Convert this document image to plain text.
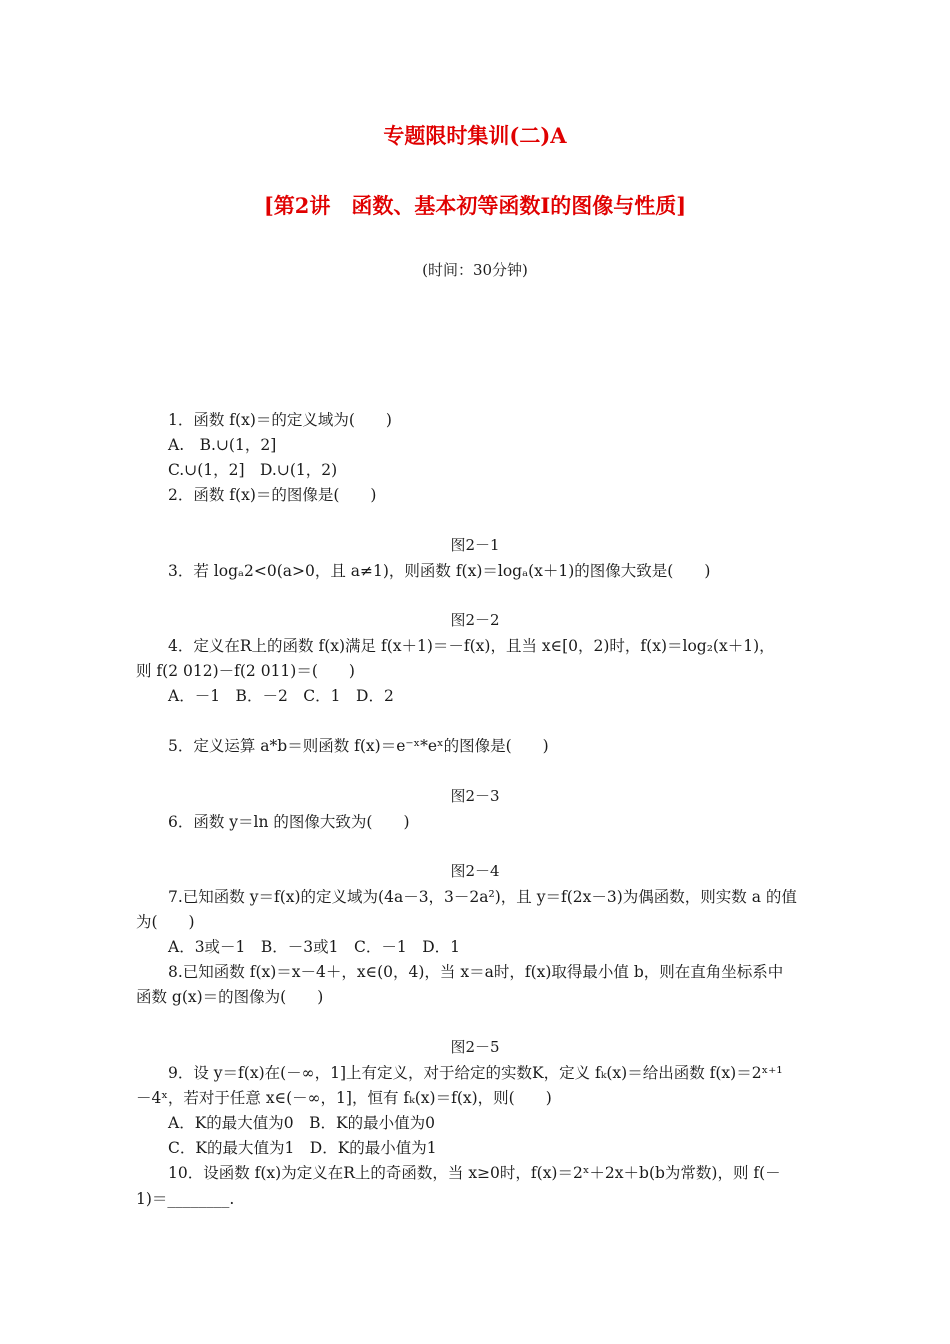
专题限时集训(二)A
[第2讲　函数、基本初等函数Ⅰ的图像与性质]
(时间：30分钟)
1．函数 f(x)＝的定义域为(　　)
A.　B.∪(1，2]
C.∪(1，2]　D.∪(1，2)
2．函数 f(x)＝的图像是(　　)
图2－1
3．若 logₐ2<0(a>0，且 a≠1)，则函数 f(x)＝logₐ(x＋1)的图像大致是(　　)
图2－2
4．定义在R上的函数 f(x)满足 f(x＋1)＝－f(x)，且当 x∈[0，2)时，f(x)＝log₂(x＋1)，
则 f(2 012)－f(2 011)＝(　　)
A．－1　B．－2　C．1　D．2
5．定义运算 a*b＝则函数 f(x)＝e⁻ˣ*eˣ的图像是(　　)
图2－3
6．函数 y＝ln 的图像大致为(　　)
图2－4
7.已知函数 y＝f(x)的定义域为(4a－3，3－2a²)，且 y＝f(2x－3)为偶函数，则实数 a 的值
为(　　)
A．3或－1　B．－3或1　C．－1　D．1
8.已知函数 f(x)＝x－4＋，x∈(0，4)，当 x＝a时，f(x)取得最小值 b，则在直角坐标系中
函数 g(x)＝的图像为(　　)
图2－5
9．设 y＝f(x)在(－∞，1]上有定义，对于给定的实数K，定义 fₖ(x)＝给出函数 f(x)＝2ˣ⁺¹
－4ˣ，若对于任意 x∈(－∞，1]，恒有 fₖ(x)＝f(x)，则(　　)
A．K的最大值为0　B．K的最小值为0
C．K的最大值为1　D．K的最小值为1
10．设函数 f(x)为定义在R上的奇函数，当 x≥0时，f(x)＝2ˣ＋2x＋b(b为常数)，则 f(－
1)＝________.
